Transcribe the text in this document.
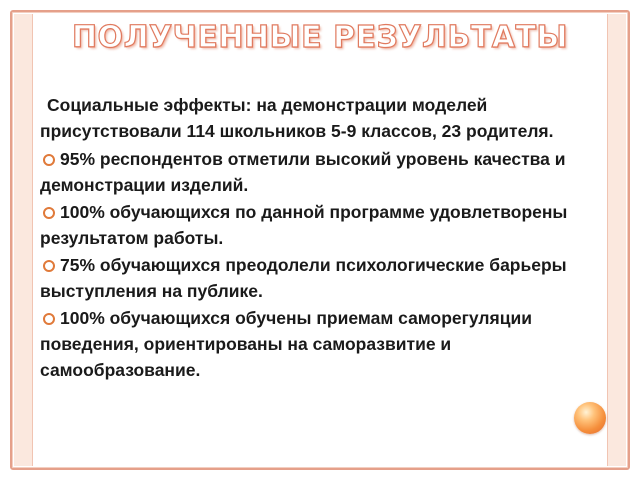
ПОЛУЧЕННЫЕ РЕЗУЛЬТАТЫ

Социальные эффекты: на демонстрации моделей присутствовали 114 школьников 5-9 классов, 23 родителя.

95% респондентов отметили высокий уровень качества и демонстрации изделий.
100% обучающихся по данной программе удовлетворены результатом работы.
75% обучающихся преодолели психологические барьеры выступления на публике.
100% обучающихся обучены приемам саморегуляции поведения, ориентированы на саморазвитие и самообразование.
